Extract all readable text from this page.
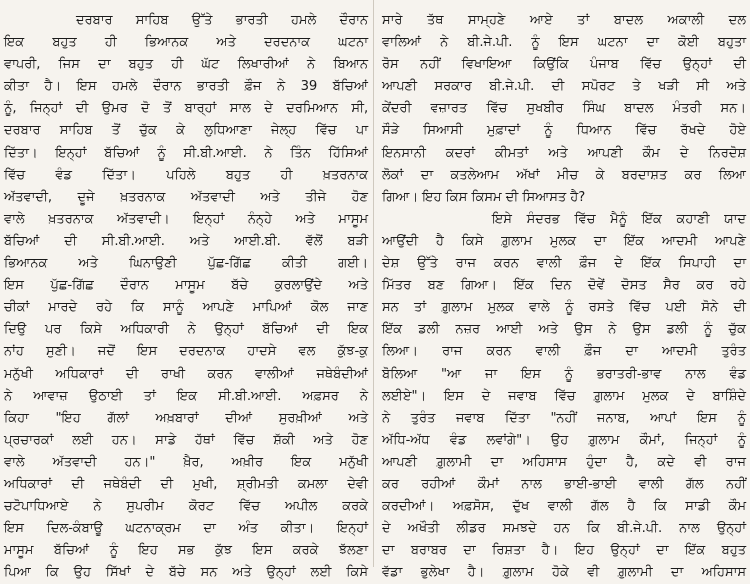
ਦਰਬਾਰ ਸਾਹਿਬ ਉੱਤੇ ਭਾਰਤੀ ਹਮਲੇ ਦੌਰਾਨ
ਇਕ ਬਹੁਤ ਹੀ ਭਿਆਨਕ ਅਤੇ ਦਰਦਨਾਕ ਘਟਨਾ
ਵਾਪਰੀ, ਜਿਸ ਦਾ ਬਹੁਤ ਹੀ ਘੱਟ ਲਿਖਾਰੀਆਂ ਨੇ ਬਿਆਨ
ਕੀਤਾ ਹੈ। ਇਸ ਹਮਲੇ ਦੌਰਾਨ ਭਾਰਤੀ ਫ਼ੌਜ ਨੇ 39 ਬੱਚਿਆਂ
ਨੂੰ, ਜਿਨ੍ਹਾਂ ਦੀ ਉਮਰ ਦੋ ਤੋਂ ਬਾਰ੍ਹਾਂ ਸਾਲ ਦੇ ਦਰਮਿਆਨ ਸੀ,
ਦਰਬਾਰ ਸਾਹਿਬ ਤੋਂ ਚੁੱਕ ਕੇ ਲੁਧਿਆਣਾ ਜੇਲ੍ਹ ਵਿੱਚ ਪਾ
ਦਿੱਤਾ। ਇਨ੍ਹਾਂ ਬੱਚਿਆਂ ਨੂੰ ਸੀ.ਬੀ.ਆਈ. ਨੇ ਤਿੰਨ ਹਿੱਸਿਆਂ
ਵਿੱਚ ਵੰਡ ਦਿੱਤਾ। ਪਹਿਲੇ ਬਹੁਤ ਹੀ ਖ਼ਤਰਨਾਕ
ਅੱਤਵਾਦੀ, ਦੂਜੇ ਖ਼ਤਰਨਾਕ ਅੱਤਵਾਦੀ ਅਤੇ ਤੀਜੇ ਹੋਣ
ਵਾਲੇ ਖ਼ਤਰਨਾਕ ਅੱਤਵਾਦੀ। ਇਨ੍ਹਾਂ ਨੰਨ੍ਹੇ ਅਤੇ ਮਾਸੂਮ
ਬੱਚਿਆਂ ਦੀ ਸੀ.ਬੀ.ਆਈ. ਅਤੇ ਆਈ.ਬੀ. ਵੱਲੋਂ ਬੜੀ
ਭਿਆਨਕ ਅਤੇ ਘਿਨਾਉਣੀ ਪੁੱਛ-ਗਿੱਛ ਕੀਤੀ ਗਈ।
ਇਸ ਪੁੱਛ-ਗਿੱਛ ਦੌਰਾਨ ਮਾਸੂਮ ਬੱਚੇ ਕੁਰਲਾਉਂਦੇ ਅਤੇ
ਚੀਕਾਂ ਮਾਰਦੇ ਰਹੇ ਕਿ ਸਾਨੂੰ ਆਪਣੇ ਮਾਪਿਆਂ ਕੋਲ ਜਾਣ
ਦਿਉ ਪਰ ਕਿਸੇ ਅਧਿਕਾਰੀ ਨੇ ਉਨ੍ਹਾਂ ਬੱਚਿਆਂ ਦੀ ਇਕ
ਨਾਂਹ ਸੁਣੀ। ਜਦੋਂ ਇਸ ਦਰਦਨਾਕ ਹਾਦਸੇ ਵਲ ਕੁੱਝ-ਕੁ
ਮਨੁੱਖੀ ਅਧਿਕਾਰਾਂ ਦੀ ਰਾਖੀ ਕਰਨ ਵਾਲੀਆਂ ਜਥੇਬੰਦੀਆਂ
ਨੇ ਆਵਾਜ਼ ਉਠਾਈ ਤਾਂ ਇਕ ਸੀ.ਬੀ.ਆਈ. ਅਫ਼ਸਰ ਨੇ
ਕਿਹਾ "ਇਹ ਗੱਲਾਂ ਅਖ਼ਬਾਰਾਂ ਦੀਆਂ ਸੁਰਖ਼ੀਆਂ ਅਤੇ
ਪ੍ਰਚਾਰਕਾਂ ਲਈ ਹਨ। ਸਾਡੇ ਹੱਥਾਂ ਵਿੱਚ ਸ਼ੱਕੀ ਅਤੇ ਹੋਣ
ਵਾਲੇ ਅੱਤਵਾਦੀ ਹਨ।" ਖ਼ੈਰ, ਅਖ਼ੀਰ ਇਕ ਮਨੁੱਖੀ
ਅਧਿਕਾਰਾਂ ਦੀ ਜਥੇਬੰਦੀ ਦੀ ਮੁਖੀ, ਸ਼੍ਰੀਮਤੀ ਕਮਲਾ ਦੇਵੀ
ਚਟੋਪਾਧਿਆਏ ਨੇ ਸੁਪਰੀਮ ਕੋਰਟ ਵਿੱਚ ਅਪੀਲ ਕਰਕੇ
ਇਸ ਦਿਲ-ਕੰਬਾਊ ਘਟਨਾਕ੍ਰਮ ਦਾ ਅੰਤ ਕੀਤਾ। ਇਨ੍ਹਾਂ
ਮਾਸੂਮ ਬੱਚਿਆਂ ਨੂੰ ਇਹ ਸਭ ਕੁੱਝ ਇਸ ਕਰਕੇ ਝੱਲਣਾ
ਪਿਆ ਕਿ ਉਹ ਸਿੱਖਾਂ ਦੇ ਬੱਚੇ ਸਨ ਅਤੇ ਉਨ੍ਹਾਂ ਲਈ ਕਿਸੇ
ਸਾਰੇ ਤੱਥ ਸਾਮ੍ਹਣੇ ਆਏ ਤਾਂ ਬਾਦਲ ਅਕਾਲੀ ਦਲ
ਵਾਲਿਆਂ ਨੇ ਬੀ.ਜੇ.ਪੀ. ਨੂੰ ਇਸ ਘਟਨਾ ਦਾ ਕੋਈ ਬਹੁਤਾ
ਰੋਸ ਨਹੀਂ ਵਿਖਾਇਆ ਕਿਉਂਕਿ ਪੰਜਾਬ ਵਿੱਚ ਉਨ੍ਹਾਂ ਦੀ
ਆਪਣੀ ਸਰਕਾਰ ਬੀ.ਜੇ.ਪੀ. ਦੀ ਸਪੋਰਟ ਤੇ ਖੜੀ ਸੀ ਅਤੇ
ਕੇਂਦਰੀ ਵਜ਼ਾਰਤ ਵਿੱਚ ਸੁਖਬੀਰ ਸਿੰਘ ਬਾਦਲ ਮੰਤਰੀ ਸਨ।
ਸੌੜੇ ਸਿਆਸੀ ਮੁਫ਼ਾਦਾਂ ਨੂੰ ਧਿਆਨ ਵਿੱਚ ਰੱਖਦੇ ਹੋਏ
ਇਨਸਾਨੀ ਕਦਰਾਂ ਕੀਮਤਾਂ ਅਤੇ ਆਪਣੀ ਕੌਮ ਦੇ ਨਿਰਦੋਸ਼
ਲੋਕਾਂ ਦਾ ਕਤਲੇਆਮ ਅੱਖਾਂ ਮੀਚ ਕੇ ਬਰਦਾਸ਼ਤ ਕਰ ਲਿਆ
ਗਿਆ। ਇਹ ਕਿਸ ਕਿਸਮ ਦੀ ਸਿਆਸਤ ਹੈ?
ਇਸੇ ਸੰਦਰਭ ਵਿੱਚ ਮੈਨੂੰ ਇੱਕ ਕਹਾਣੀ ਯਾਦ
ਆਉਂਦੀ ਹੈ ਕਿਸੇ ਗ਼ੁਲਾਮ ਮੁਲਕ ਦਾ ਇੱਕ ਆਦਮੀ ਆਪਣੇ
ਦੇਸ਼ ਉੱਤੇ ਰਾਜ ਕਰਨ ਵਾਲੀ ਫ਼ੌਜ ਦੇ ਇੱਕ ਸਿਪਾਹੀ ਦਾ
ਮਿੱਤਰ ਬਣ ਗਿਆ। ਇੱਕ ਦਿਨ ਦੋਵੇਂ ਦੋਸਤ ਸੈਰ ਕਰ ਰਹੇ
ਸਨ ਤਾਂ ਗ਼ੁਲਾਮ ਮੁਲਕ ਵਾਲੇ ਨੂੰ ਰਸਤੇ ਵਿੱਚ ਪਈ ਸੋਨੇ ਦੀ
ਇੱਕ ਡਲੀ ਨਜ਼ਰ ਆਈ ਅਤੇ ਉਸ ਨੇ ਉਸ ਡਲੀ ਨੂੰ ਚੁੱਕ
ਲਿਆ। ਰਾਜ ਕਰਨ ਵਾਲੀ ਫ਼ੌਜ ਦਾ ਆਦਮੀ ਤੁਰੰਤ
ਬੋਲਿਆ "ਆ ਜਾ ਇਸ ਨੂੰ ਭਰਾਤਰੀ-ਭਾਵ ਨਾਲ ਵੰਡ
ਲਈਏ"। ਇਸ ਦੇ ਜਵਾਬ ਵਿੱਚ ਗ਼ੁਲਾਮ ਮੁਲਕ ਦੇ ਬਾਸ਼ਿੰਦੇ
ਨੇ ਤੁਰੰਤ ਜਵਾਬ ਦਿੱਤਾ "ਨਹੀਂ ਜਨਾਬ, ਆਪਾਂ ਇਸ ਨੂੰ
ਅੱਧਿ-ਅੱਧ ਵੰਡ ਲਵਾਂਗੇ"। ਉਹ ਗ਼ੁਲਾਮ ਕੌਮਾਂ, ਜਿਨ੍ਹਾਂ ਨੂੰ
ਆਪਣੀ ਗ਼ੁਲਾਮੀ ਦਾ ਅਹਿਸਾਸ ਹੁੰਦਾ ਹੈ, ਕਦੇ ਵੀ ਰਾਜ
ਕਰ ਰਹੀਆਂ ਕੌਮਾਂ ਨਾਲ ਭਾਈ-ਭਾਈ ਵਾਲੀ ਗੱਲ ਨਹੀਂ
ਕਰਦੀਆਂ। ਅਫ਼ਸੋਸ, ਦੁੱਖ ਵਾਲੀ ਗੱਲ ਹੈ ਕਿ ਸਾਡੀ ਕੌਮ
ਦੇ ਅਖੌਤੀ ਲੀਡਰ ਸਮਝਦੇ ਹਨ ਕਿ ਬੀ.ਜੇ.ਪੀ. ਨਾਲ ਉਨ੍ਹਾਂ
ਦਾ ਬਰਾਬਰ ਦਾ ਰਿਸ਼ਤਾ ਹੈ। ਇਹ ਉਨ੍ਹਾਂ ਦਾ ਇੱਕ ਬਹੁਤ
ਵੱਡਾ ਭੁਲੇਖਾ ਹੈ। ਗ਼ੁਲਾਮ ਹੋਕੇ ਵੀ ਗ਼ੁਲਾਮੀ ਦਾ ਅਹਿਸਾਸ
